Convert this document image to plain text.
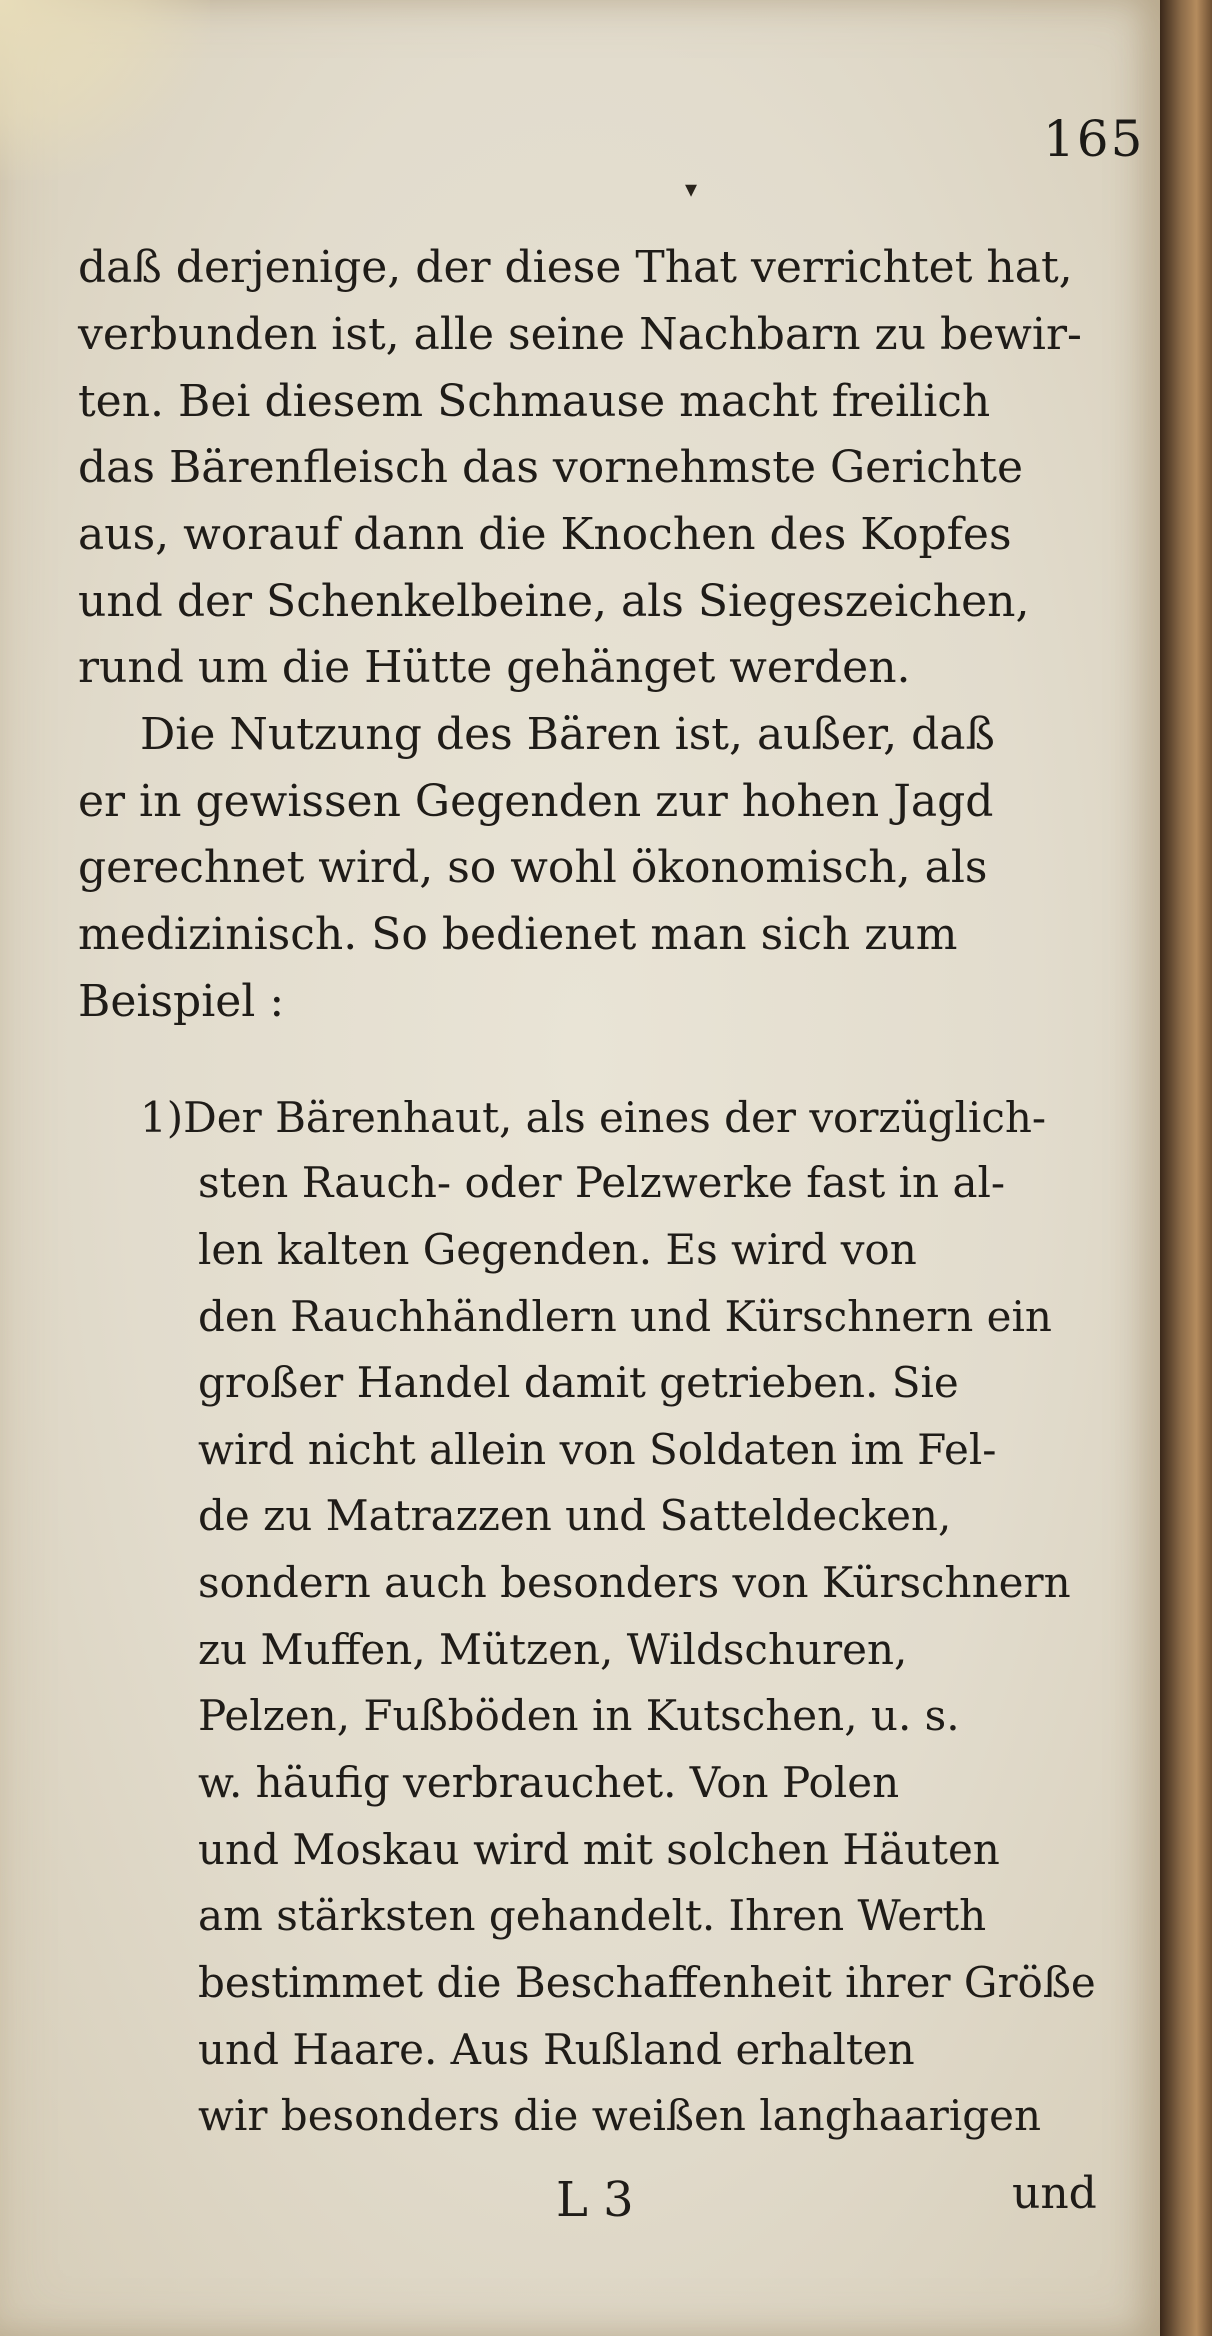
165
▾
daß derjenige, der diese That verrichtet hat,
verbunden ist, alle seine Nachbarn zu bewir-
ten. Bei diesem Schmause macht freilich
das Bärenfleisch das vornehmste Gerichte
aus, worauf dann die Knochen des Kopfes
und der Schenkelbeine, als Siegeszeichen,
rund um die Hütte gehänget werden.
Die Nutzung des Bären ist, außer, daß
er in gewissen Gegenden zur hohen Jagd
gerechnet wird, so wohl ökonomisch, als
medizinisch. So bedienet man sich zum
Beispiel :
1)Der Bärenhaut, als eines der vorzüglich-
sten Rauch- oder Pelzwerke fast in al-
len kalten Gegenden. Es wird von
den Rauchhändlern und Kürschnern ein
großer Handel damit getrieben. Sie
wird nicht allein von Soldaten im Fel-
de zu Matrazzen und Satteldecken,
sondern auch besonders von Kürschnern
zu Muffen, Mützen, Wildschuren,
Pelzen, Fußböden in Kutschen, u. s.
w. häufig verbrauchet. Von Polen
und Moskau wird mit solchen Häuten
am stärksten gehandelt. Ihren Werth
bestimmet die Beschaffenheit ihrer Größe
und Haare. Aus Rußland erhalten
wir besonders die weißen langhaarigen
L 3	und
